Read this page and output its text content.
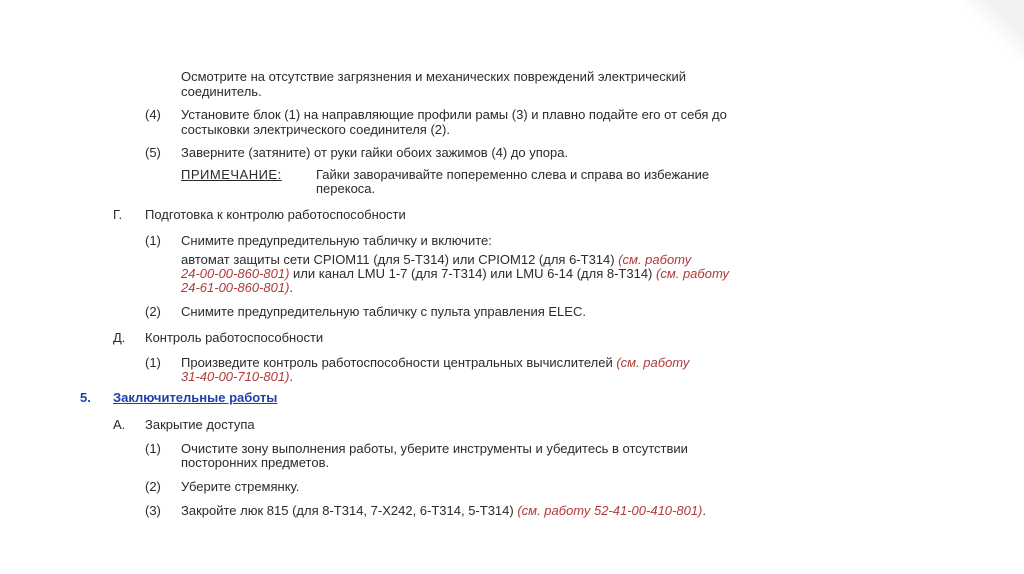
Осмотрите на отсутствие загрязнения и механических повреждений электрический
соединитель.
(4) Установите блок (1) на направляющие профили рамы (3) и плавно подайте его от себя до
состыковки электрического соединителя (2).
(5) Заверните (затяните) от руки гайки обоих зажимов (4) до упора.
ПРИМЕЧАНИЕ:	Гайки заворачивайте попеременно слева и справа во избежание
перекоса.
Г. Подготовка к контролю работоспособности
(1) Снимите предупредительную табличку и включите:
автомат защиты сети CPIOM11 (для 5-T314) или CPIOM12 (для 6-T314) (см. работу
24-00-00-860-801) или канал LMU 1-7 (для 7-T314) или LMU 6-14 (для 8-T314) (см. работу
24-61-00-860-801).
(2) Снимите предупредительную табличку с пульта управления ELEC.
Д. Контроль работоспособности
(1) Произведите контроль работоспособности центральных вычислителей (см. работу
31-40-00-710-801).
5. Заключительные работы
А. Закрытие доступа
(1) Очистите зону выполнения работы, уберите инструменты и убедитесь в отсутствии
посторонних предметов.
(2) Уберите стремянку.
(3) Закройте люк 815 (для 8-T314, 7-X242, 6-T314, 5-T314) (см. работу 52-41-00-410-801).
